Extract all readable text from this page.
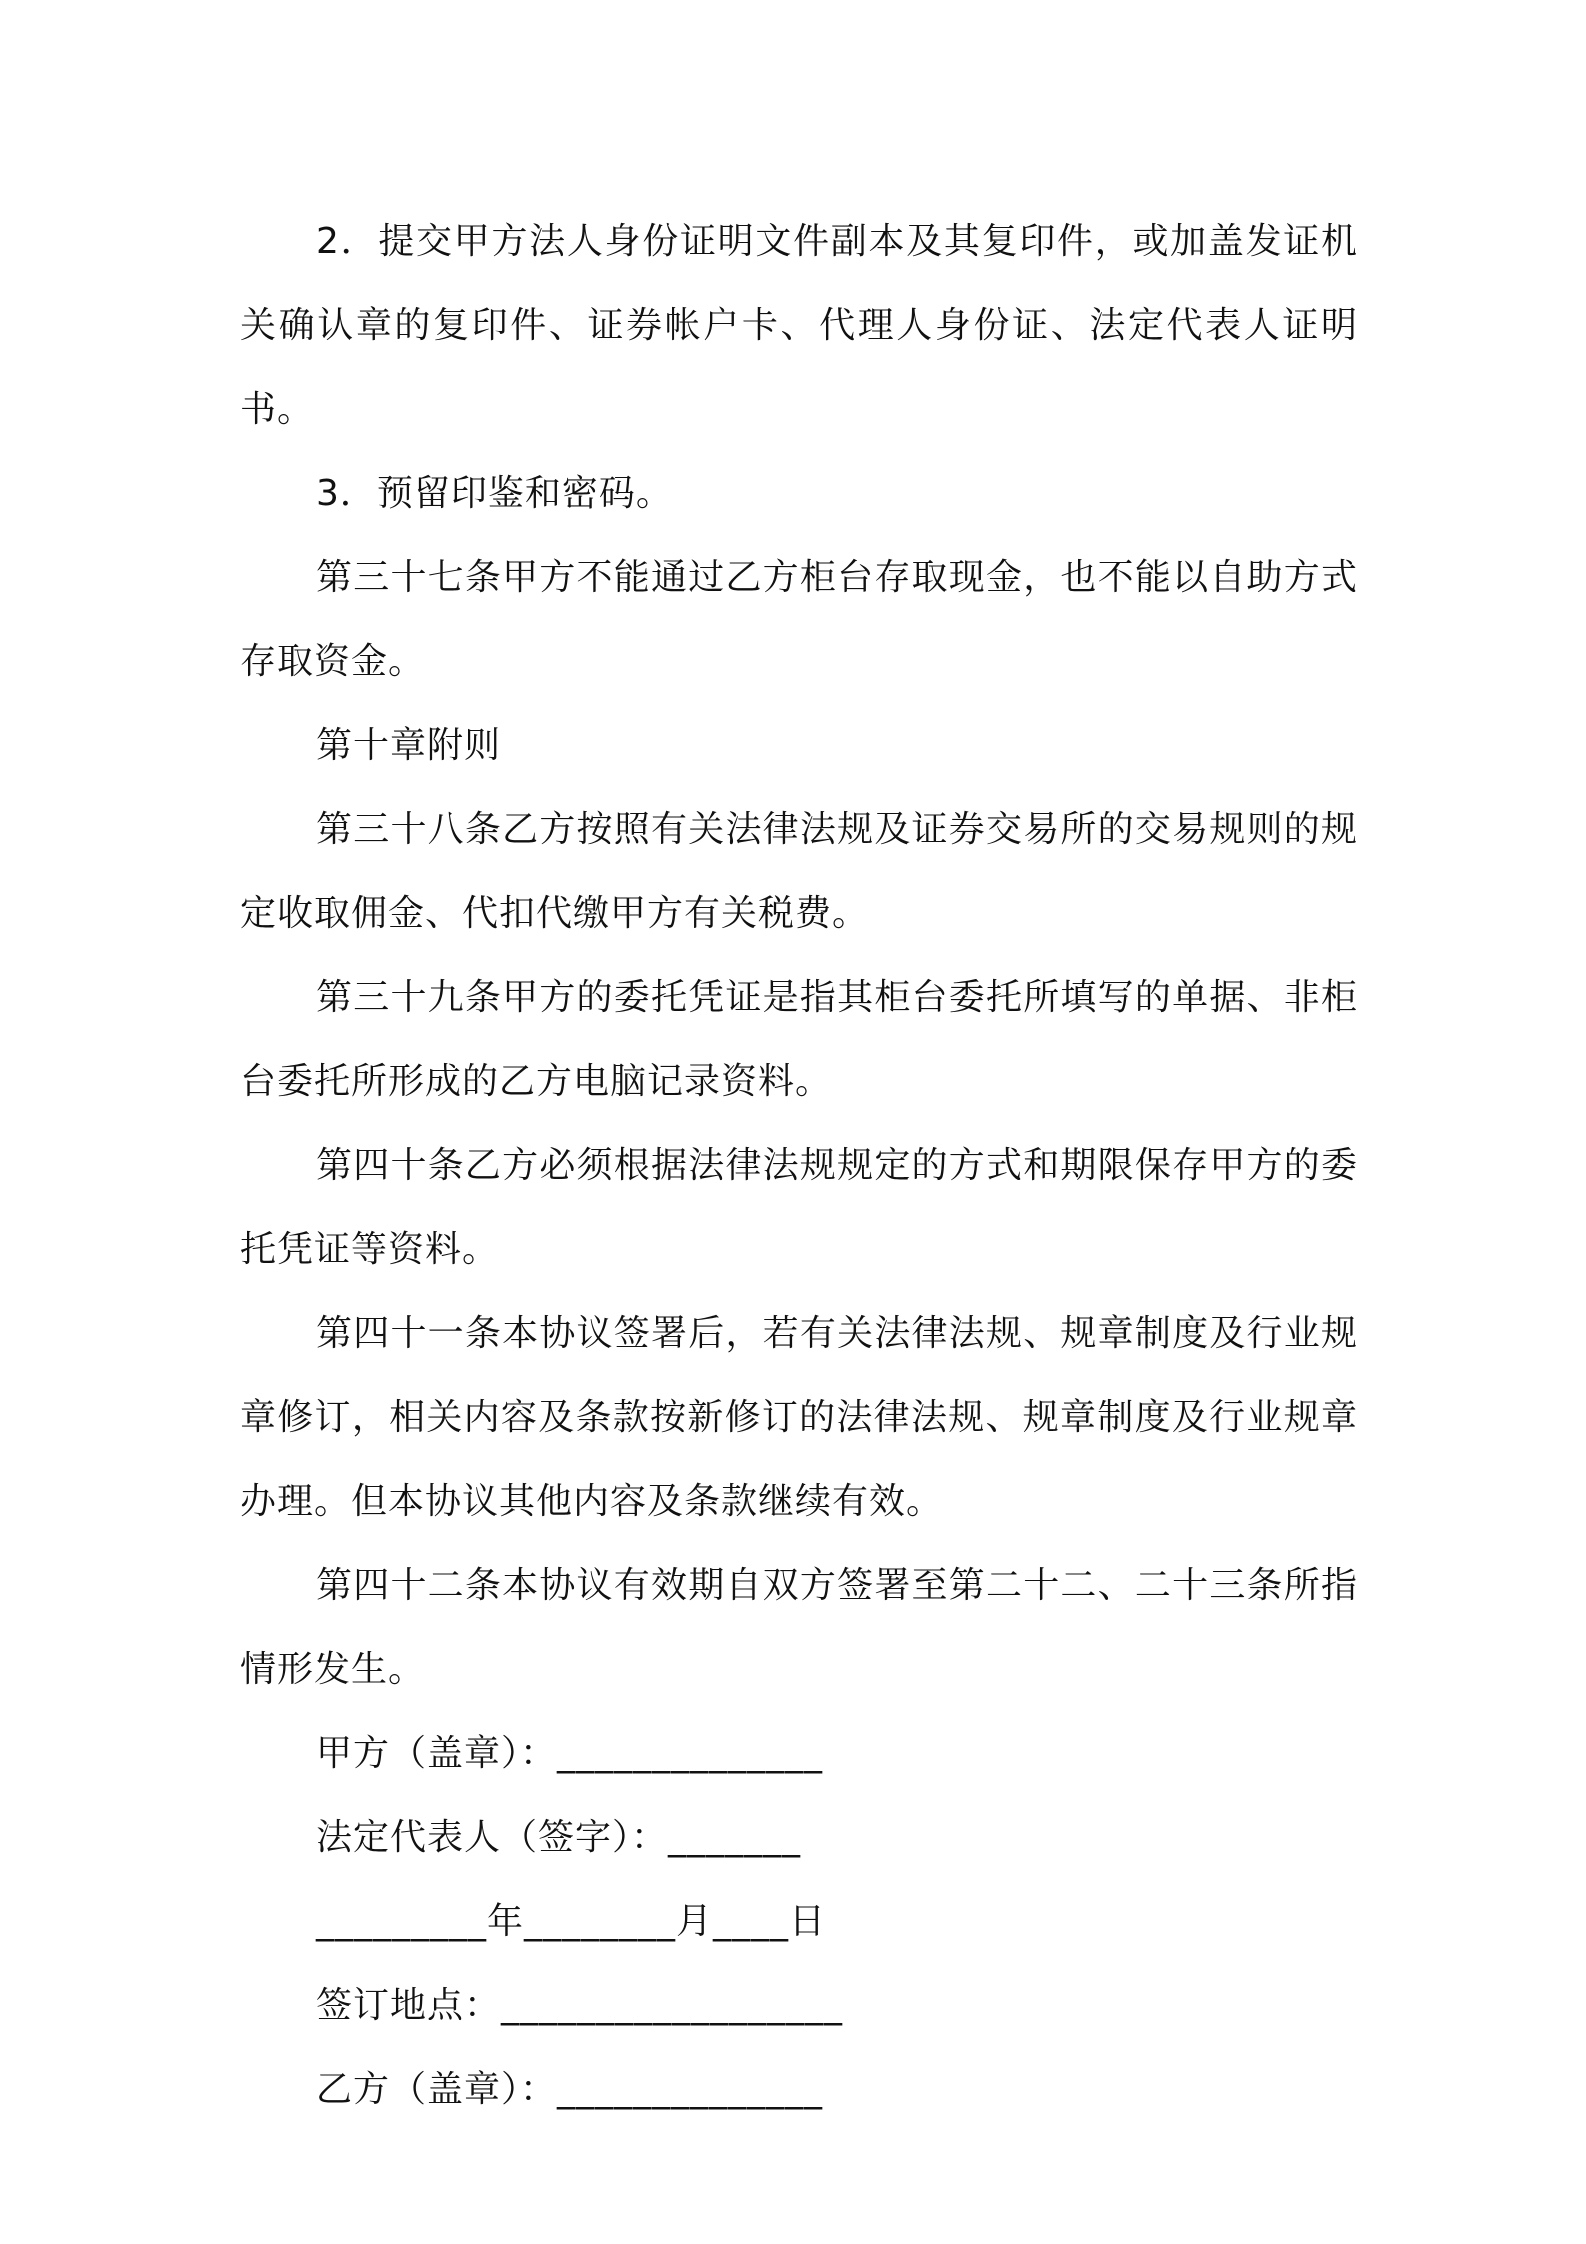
2．提交甲方法人身份证明文件副本及其复印件，或加盖发证机关确认章的复印件、证券帐户卡、代理人身份证、法定代表人证明书。

3．预留印鉴和密码。

第三十七条甲方不能通过乙方柜台存取现金，也不能以自助方式存取资金。

第十章附则

第三十八条乙方按照有关法律法规及证券交易所的交易规则的规定收取佣金、代扣代缴甲方有关税费。

第三十九条甲方的委托凭证是指其柜台委托所填写的单据、非柜台委托所形成的乙方电脑记录资料。

第四十条乙方必须根据法律法规规定的方式和期限保存甲方的委托凭证等资料。

第四十一条本协议签署后，若有关法律法规、规章制度及行业规章修订，相关内容及条款按新修订的法律法规、规章制度及行业规章办理。但本协议其他内容及条款继续有效。

第四十二条本协议有效期自双方签署至第二十二、二十三条所指情形发生。

甲方（盖章）：______________

法定代表人（签字）：_______

_________年________月____日

签订地点：__________________

乙方（盖章）：______________
